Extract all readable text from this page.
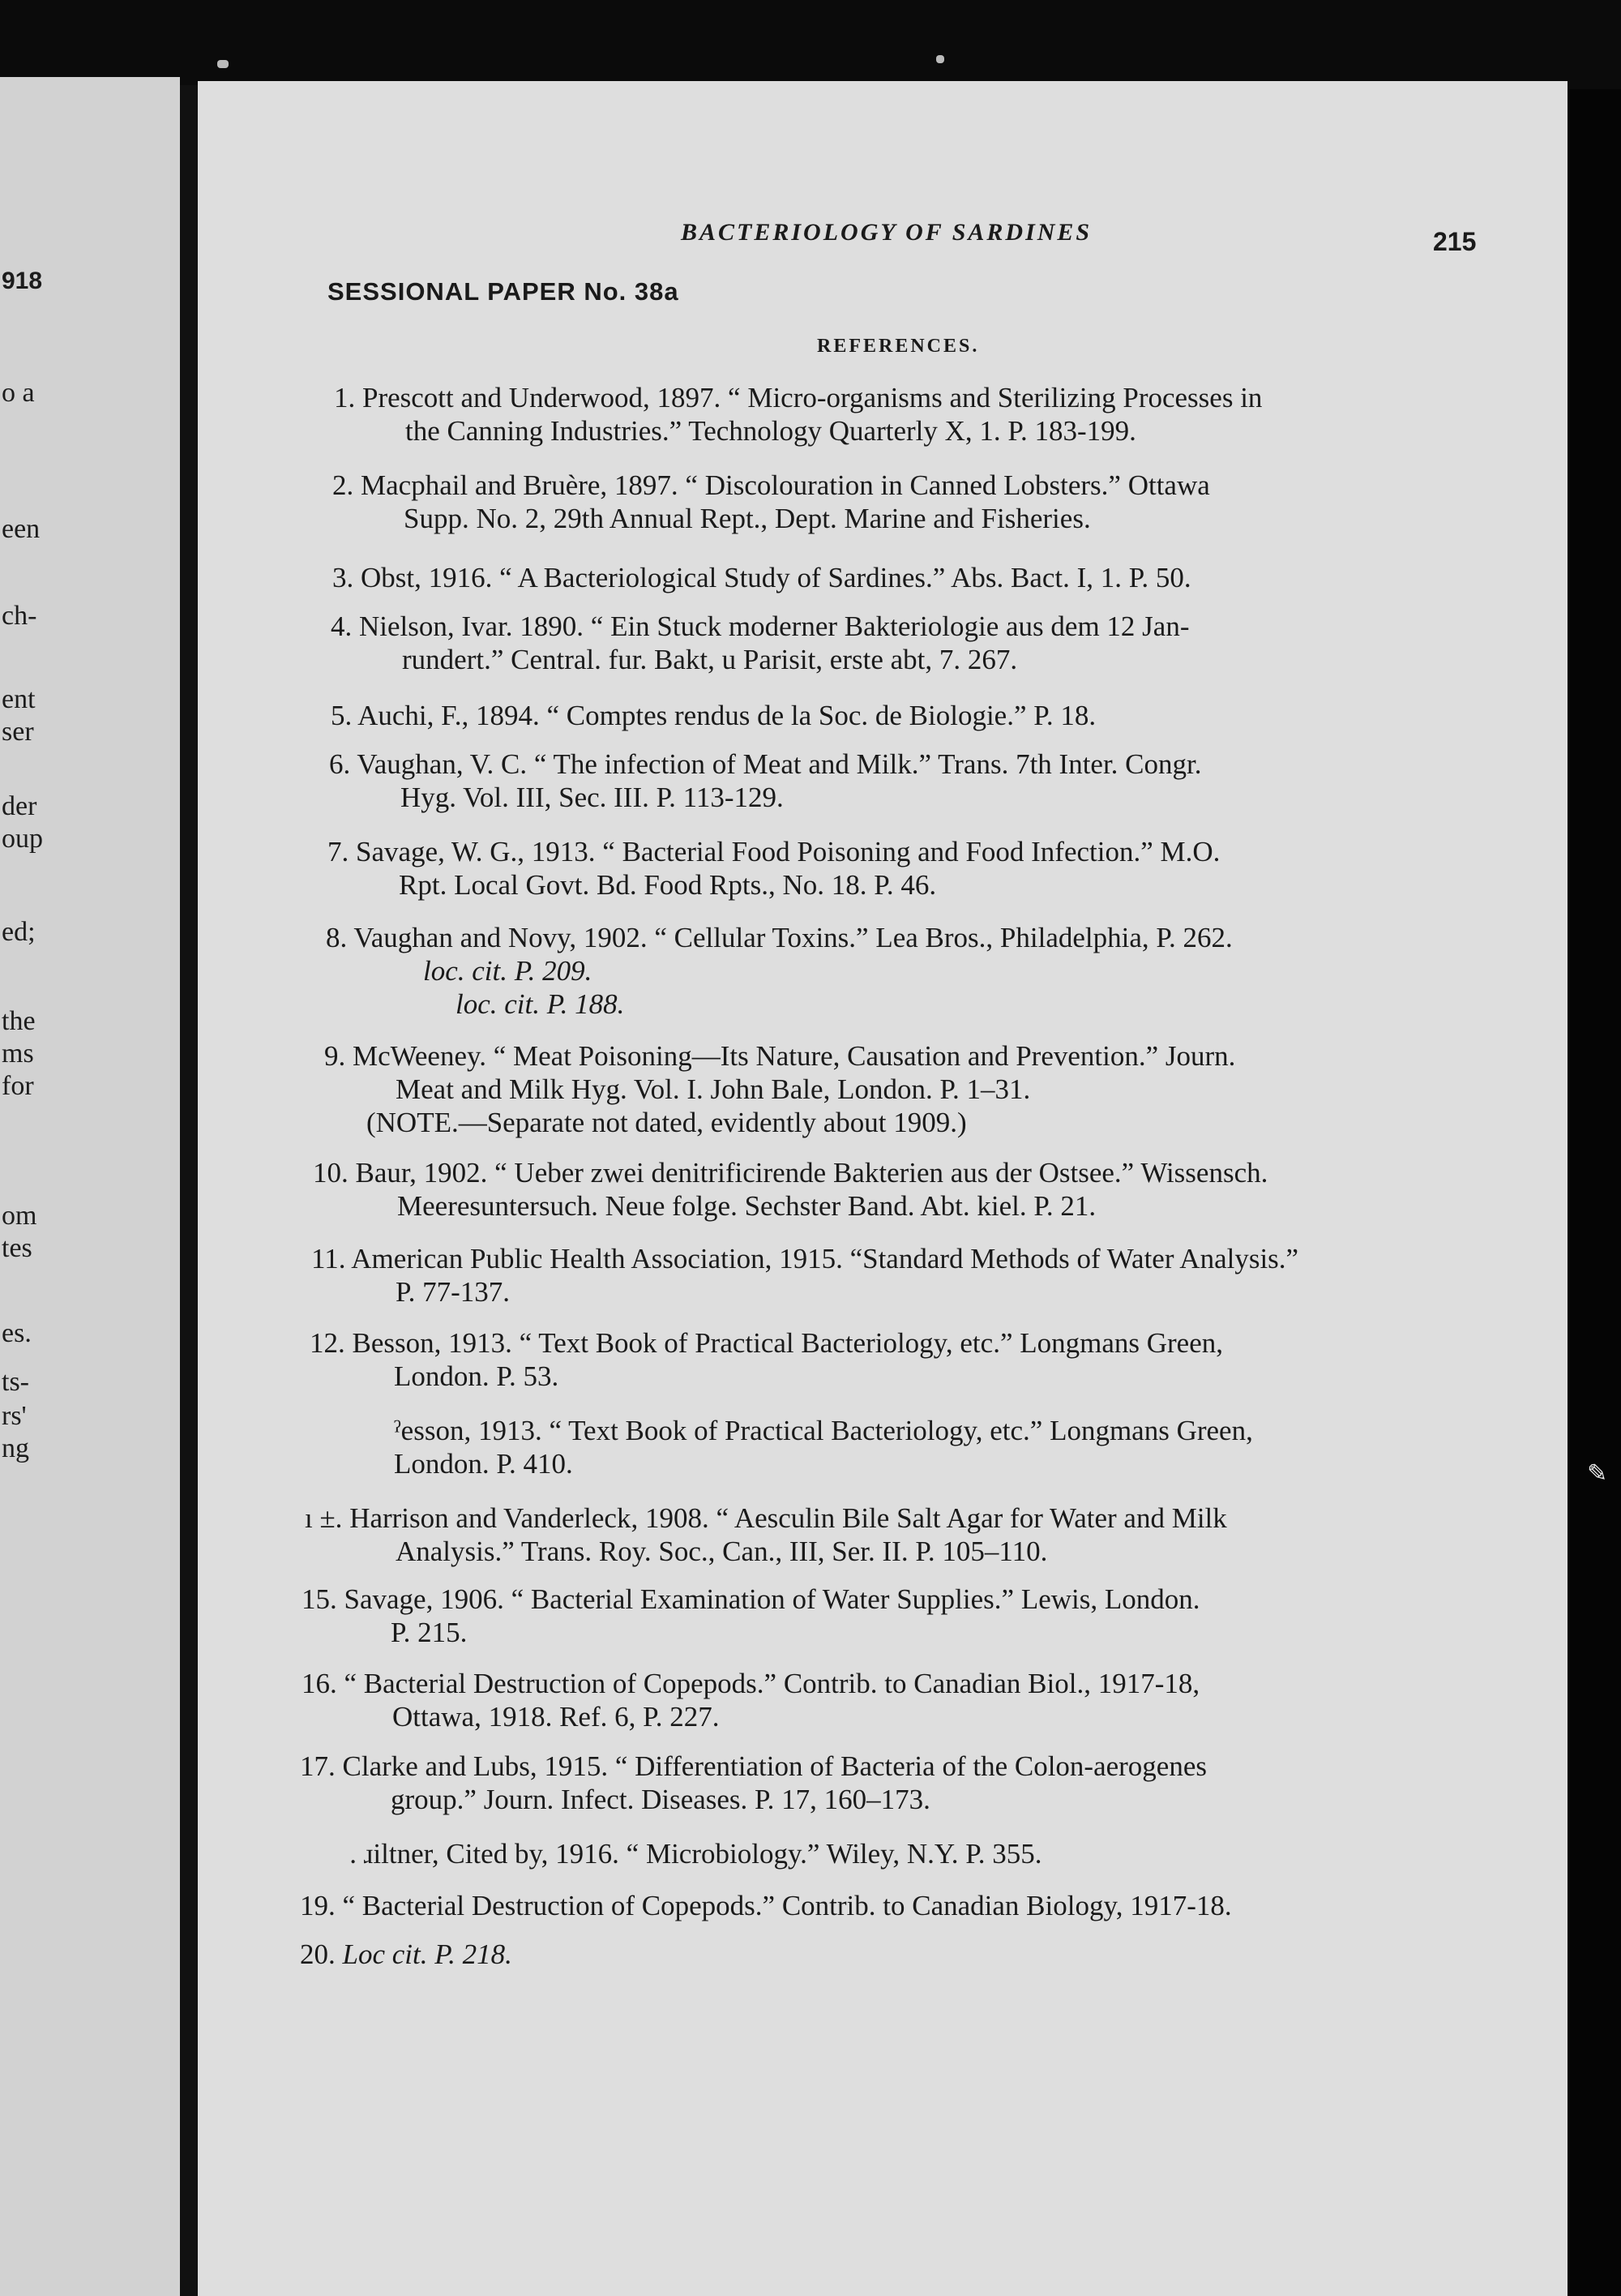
918
o a
een
ch-
ent
ser
der
oup
ed;
the
ms
for
om
tes
es.
ts-
rs'
ng
✎
BACTERIOLOGY OF SARDINES	215
SESSIONAL PAPER No. 38a
REFERENCES.
1. Prescott and Underwood, 1897. “ Micro-organisms and Sterilizing Processes in
the Canning Industries.” Technology Quarterly X, 1. P. 183-199.
2. Macphail and Bruère, 1897. “ Discolouration in Canned Lobsters.” Ottawa
Supp. No. 2, 29th Annual Rept., Dept. Marine and Fisheries.
3. Obst, 1916. “ A Bacteriological Study of Sardines.” Abs. Bact. I, 1. P. 50.
4. Nielson, Ivar. 1890. “ Ein Stuck moderner Bakteriologie aus dem 12 Jan-
rundert.” Central. fur. Bakt, u Parisit, erste abt, 7. 267.
5. Auchi, F., 1894. “ Comptes rendus de la Soc. de Biologie.” P. 18.
6. Vaughan, V. C. “ The infection of Meat and Milk.” Trans. 7th Inter. Congr.
Hyg. Vol. III, Sec. III. P. 113-129.
7. Savage, W. G., 1913. “ Bacterial Food Poisoning and Food Infection.” M.O.
Rpt. Local Govt. Bd. Food Rpts., No. 18. P. 46.
8. Vaughan and Novy, 1902. “ Cellular Toxins.” Lea Bros., Philadelphia, P. 262.
loc. cit. P. 209.
loc. cit. P. 188.
9. McWeeney. “ Meat Poisoning—Its Nature, Causation and Prevention.” Journ.
Meat and Milk Hyg. Vol. I. John Bale, London. P. 1–31.
(NOTE.—Separate not dated, evidently about 1909.)
10. Baur, 1902. “ Ueber zwei denitrificirende Bakterien aus der Ostsee.” Wissensch.
Meeresuntersuch. Neue folge. Sechster Band. Abt. kiel. P. 21.
11. American Public Health Association, 1915. “Standard Methods of Water Analysis.”
P. 77-137.
12. Besson, 1913. “ Text Book of Practical Bacteriology, etc.” Longmans Green,
London. P. 53.
ˀesson, 1913. “ Text Book of Practical Bacteriology, etc.” Longmans Green,
London. P. 410.
ı ±. Harrison and Vanderleck, 1908. “ Aesculin Bile Salt Agar for Water and Milk
Analysis.” Trans. Roy. Soc., Can., III, Ser. II. P. 105–110.
15. Savage, 1906. “ Bacterial Examination of Water Supplies.” Lewis, London.
P. 215.
16. “ Bacterial Destruction of Copepods.” Contrib. to Canadian Biol., 1917-18,
Ottawa, 1918. Ref. 6, P. 227.
17. Clarke and Lubs, 1915. “ Differentiation of Bacteria of the Colon-aerogenes
group.” Journ. Infect. Diseases. P. 17, 160–173.
. ɹiltner, Cited by, 1916. “ Microbiology.” Wiley, N.Y. P. 355.
19. “ Bacterial Destruction of Copepods.” Contrib. to Canadian Biology, 1917-18.
20. Loc cit. P. 218.
